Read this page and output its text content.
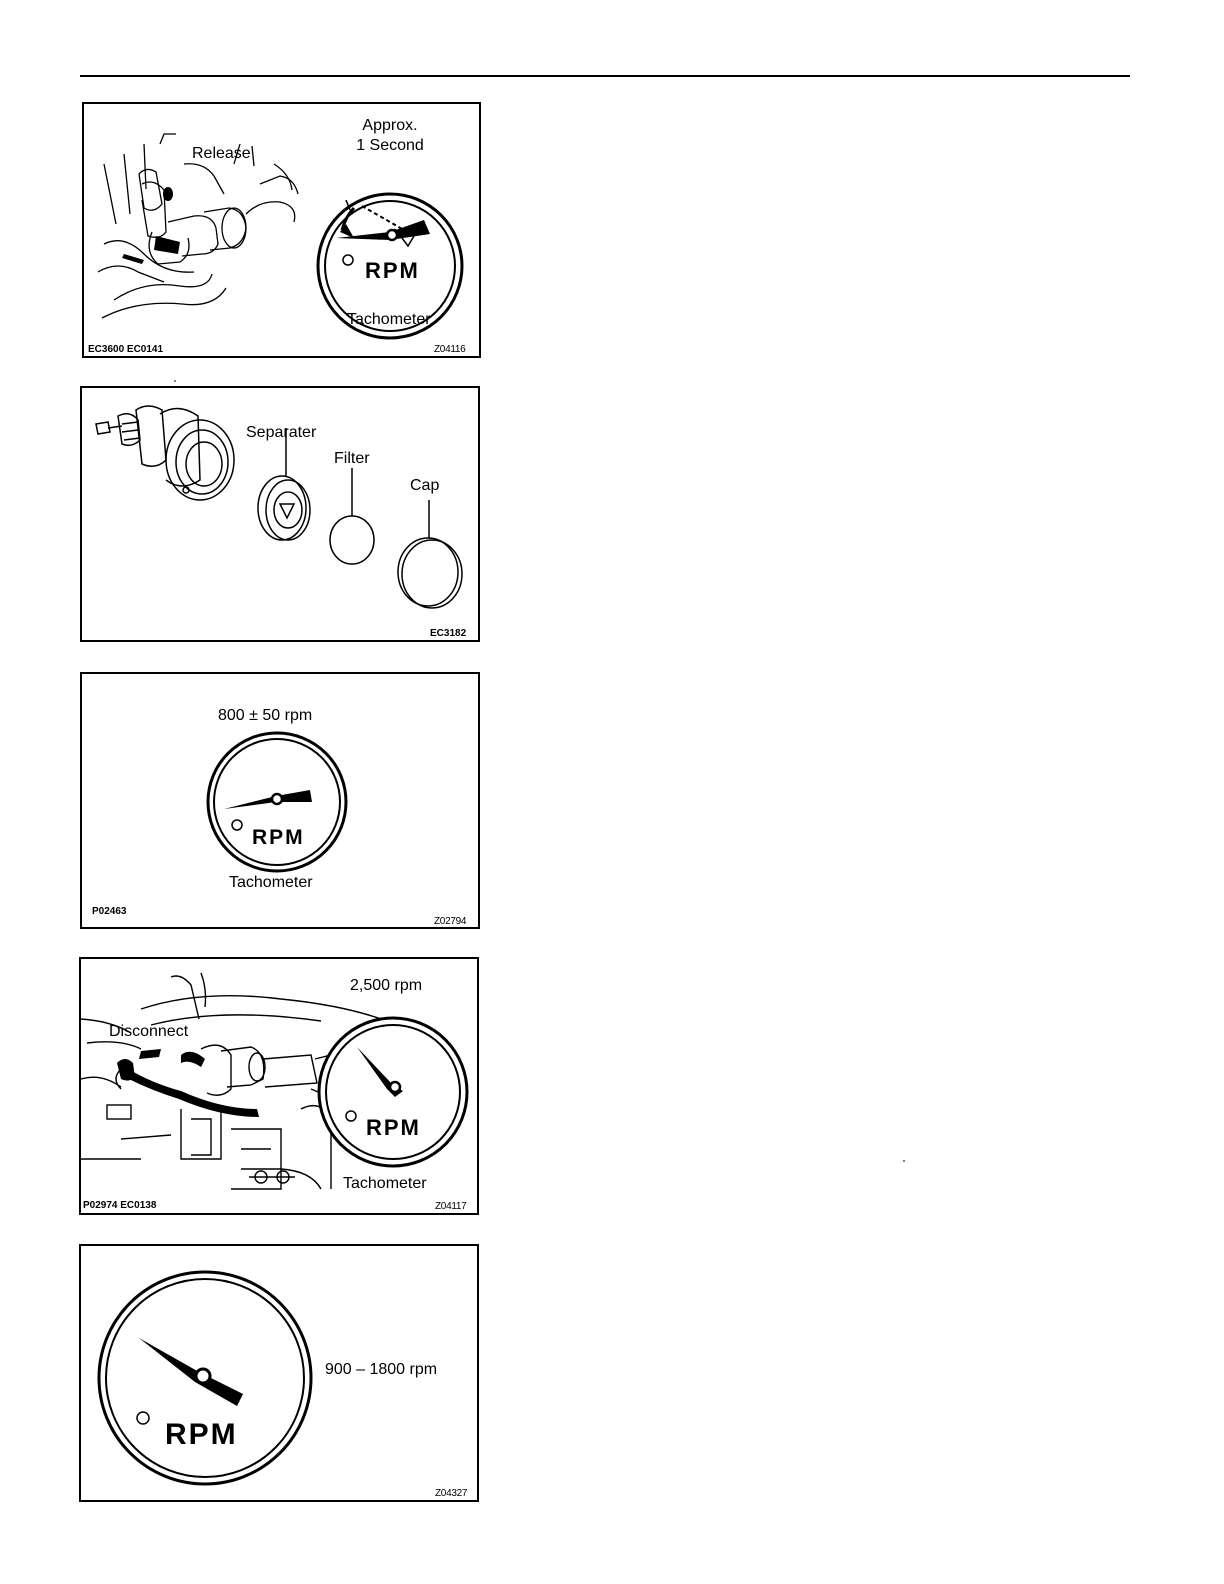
Approx.
1 Second
Release
RPM
Tachometer
EC3600 EC0141	Z04116
Separater
Filter
Cap
EC3182
800 ± 50 rpm
RPM
Tachometer
P02463
Z02794
2,500 rpm
Disconnect
RPM
Tachometer
P02974 EC0138	Z04117
900 – 1800 rpm
RPM
Z04327
